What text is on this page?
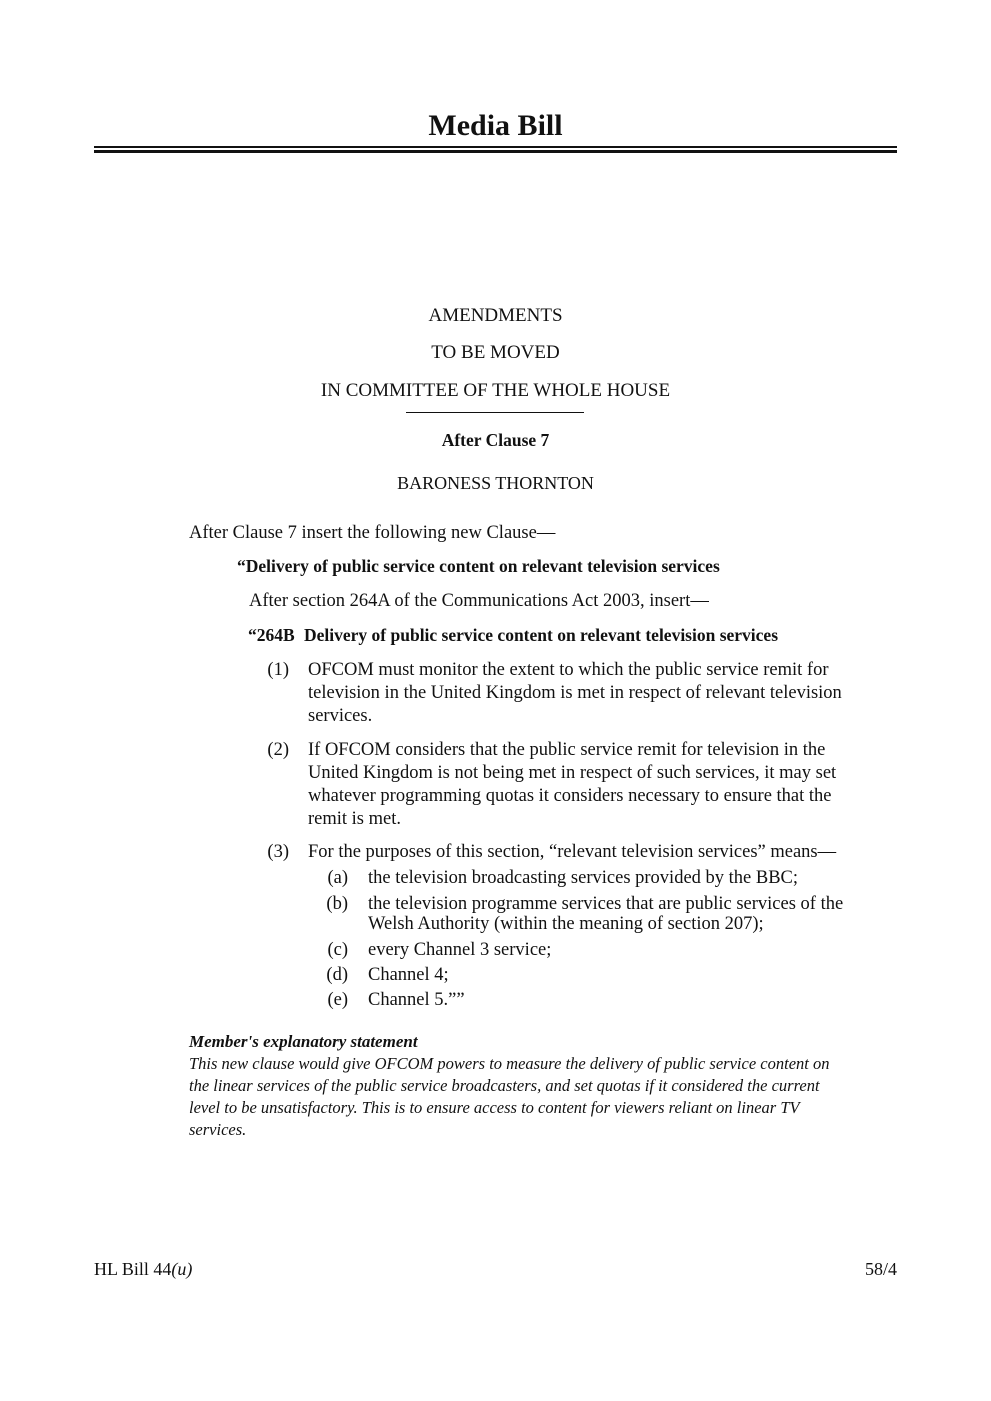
Media Bill
AMENDMENTS
TO BE MOVED
IN COMMITTEE OF THE WHOLE HOUSE
After Clause 7
BARONESS THORNTON
After Clause 7 insert the following new Clause—
“Delivery of public service content on relevant television services
After section 264A of the Communications Act 2003, insert—
“264B Delivery of public service content on relevant television services
(1) OFCOM must monitor the extent to which the public service remit for
television in the United Kingdom is met in respect of relevant television
services.
(2) If OFCOM considers that the public service remit for television in the
United Kingdom is not being met in respect of such services, it may set
whatever programming quotas it considers necessary to ensure that the
remit is met.
(3) For the purposes of this section, “relevant television services” means—
(a) the television broadcasting services provided by the BBC;
(b) the television programme services that are public services of the
Welsh Authority (within the meaning of section 207);
(c) every Channel 3 service;
(d) Channel 4;
(e) Channel 5.””
Member's explanatory statement
This new clause would give OFCOM powers to measure the delivery of public service content on
the linear services of the public service broadcasters, and set quotas if it considered the current
level to be unsatisfactory. This is to ensure access to content for viewers reliant on linear TV
services.
HL Bill 44(u)	58/4
